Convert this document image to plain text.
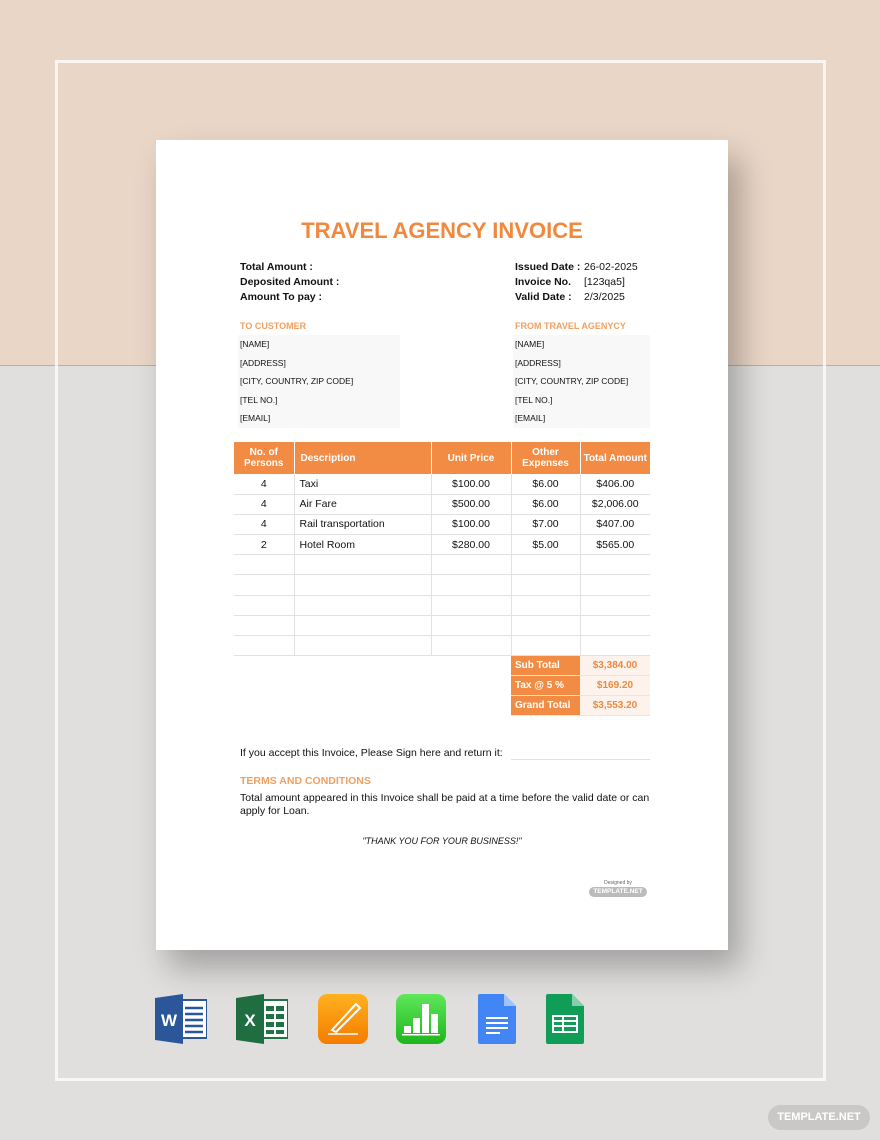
TRAVEL AGENCY INVOICE
Total Amount :
Deposited Amount :
Amount To pay :
Issued Date : 26-02-2025
Invoice No.	[123qa5]
Valid Date :	2/3/2025
TO CUSTOMER
[NAME]
[ADDRESS]
[CITY, COUNTRY, ZIP CODE]
[TEL NO.]
[EMAIL]
FROM TRAVEL AGENYCY
[NAME]
[ADDRESS]
[CITY, COUNTRY, ZIP CODE]
[TEL NO.]
[EMAIL]
No. of Persons	Description	Unit Price	Other Expenses	Total Amount
4	Taxi	$100.00	$6.00	$406.00
4	Air Fare	$500.00	$6.00	$2,006.00
4	Rail transportation	$100.00	$7.00	$407.00
2	Hotel Room	$280.00	$5.00	$565.00

Sub Total	$3,384.00
Tax @ 5 %	$169.20
Grand Total	$3,553.20
If you accept this Invoice, Please Sign here and return it:
TERMS AND CONDITIONS
Total amount appeared in this Invoice shall be paid at a time before the valid date or can apply for Loan.
"THANK YOU FOR YOUR BUSINESS!"
Designed by
TEMPLATE.NET
W	X
TEMPLATE.NET
